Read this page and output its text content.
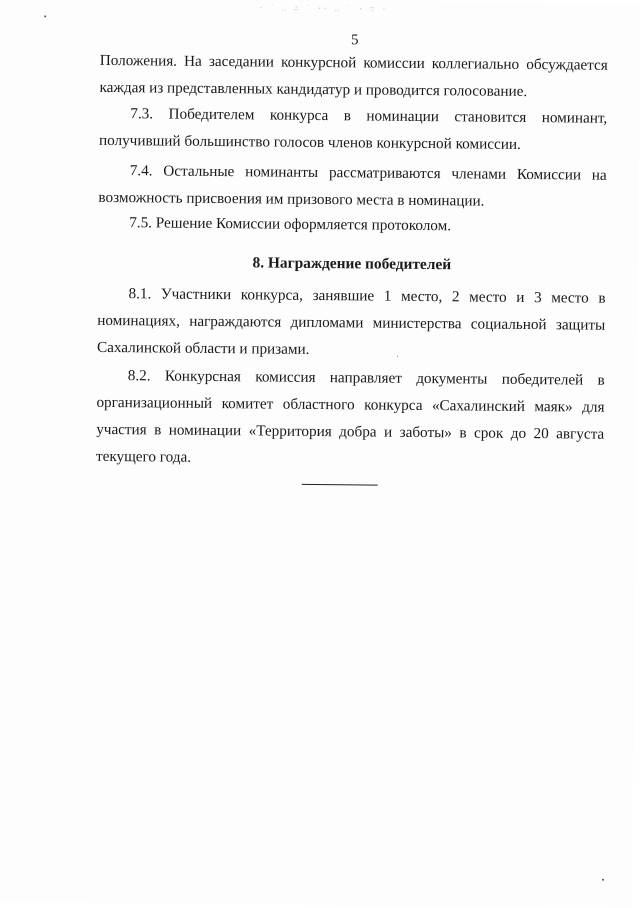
· ˙ ‥ ∴ ˙ ·· ‥ ˙ · ∵ ·
5

Положения. На заседании конкурсной комиссии коллегиально обсуждается каждая из представленных кандидатур и проводится голосование.

7.3. Победителем конкурса в номинации становится номинант, получивший большинство голосов членов конкурсной комиссии.

7.4. Остальные номинанты рассматриваются членами Комиссии на возможность присвоения им призового места в номинации.

7.5. Решение Комиссии оформляется протоколом.

8. Награждение победителей

8.1. Участники конкурса, занявшие 1 место, 2 место и 3 место в номинациях, награждаются дипломами министерства социальной защиты Сахалинской области и призами.

8.2. Конкурсная комиссия направляет документы победителей в организационный комитет областного конкурса «Сахалинский маяк» для участия в номинации «Территория добра и заботы» в срок до 20 августа текущего года.
